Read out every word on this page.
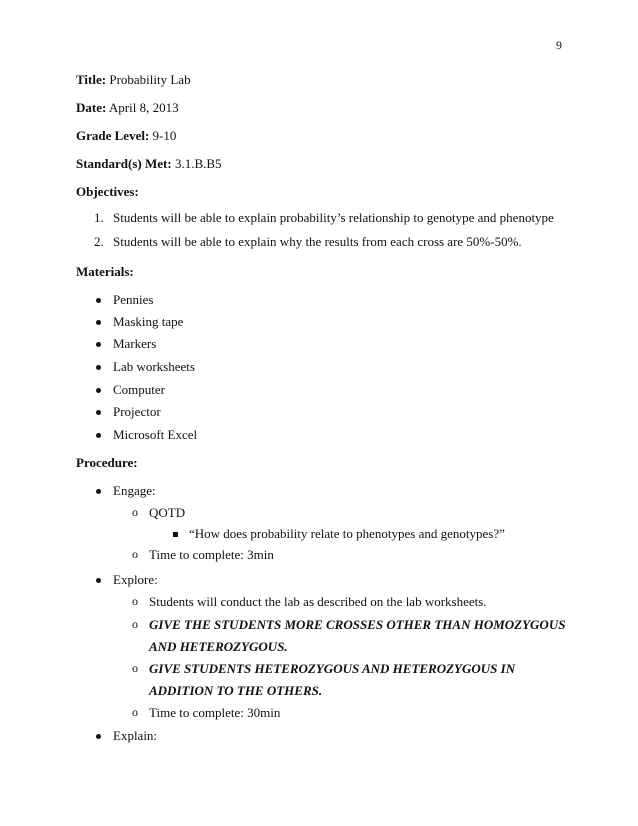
9
Title: Probability Lab
Date: April 8, 2013
Grade Level: 9-10
Standard(s) Met: 3.1.B.B5
Objectives:
1. Students will be able to explain probability’s relationship to genotype and phenotype
2. Students will be able to explain why the results from each cross are 50%-50%.
Materials:
Pennies
Masking tape
Markers
Lab worksheets
Computer
Projector
Microsoft Excel
Procedure:
Engage:
o QOTD
“How does probability relate to phenotypes and genotypes?”
o Time to complete: 3min
Explore:
o Students will conduct the lab as described on the lab worksheets.
o GIVE THE STUDENTS MORE CROSSES OTHER THAN HOMOZYGOUS
AND HETEROZYGOUS.
o GIVE STUDENTS HETEROZYGOUS AND HETEROZYGOUS IN
ADDITION TO THE OTHERS.
o Time to complete: 30min
Explain:
